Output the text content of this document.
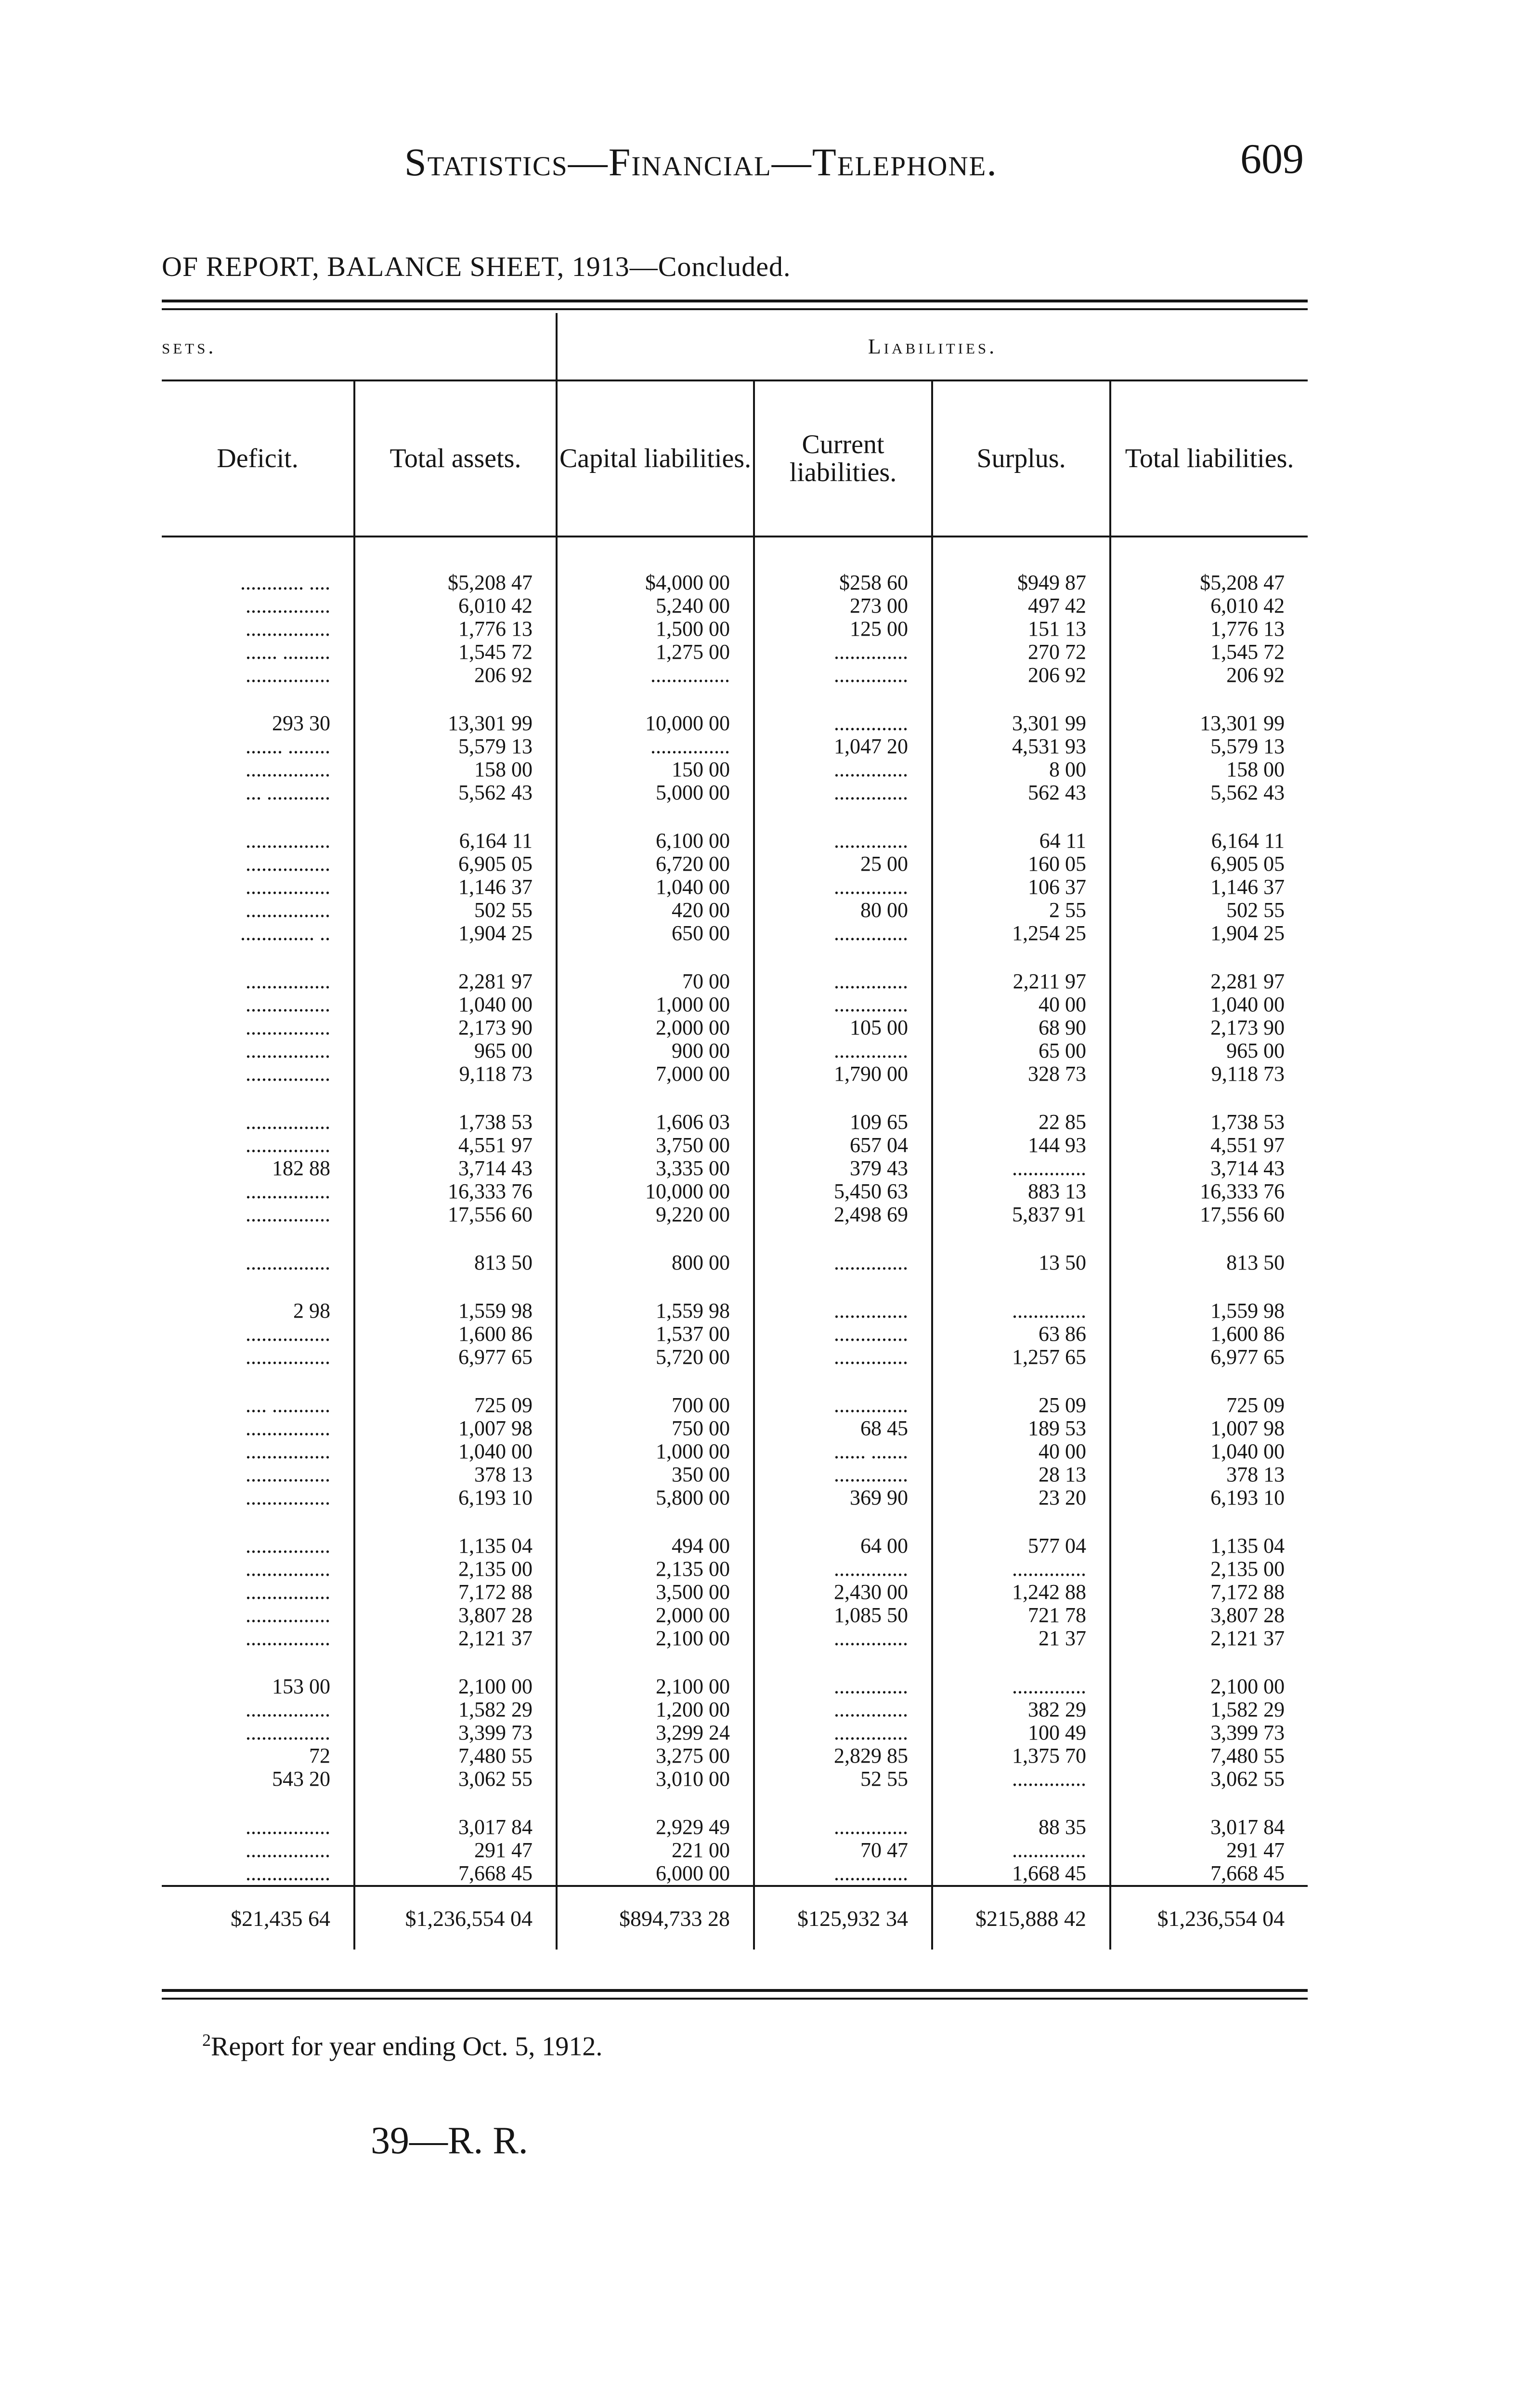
Statistics—Financial—Telephone.	609
OF REPORT, BALANCE SHEET, 1913—Concluded.
sets.		Liabilities.			
Deficit.	Total assets.	Capital liabilities.	Current liabilities.	Surplus.	Total liabilities.

............ ....	$5,208 47	$4,000 00	$258 60	$949 87	$5,208 47
................	6,010 42	5,240 00	273 00	497 42	6,010 42
................	1,776 13	1,500 00	125 00	151 13	1,776 13
...... .........	1,545 72	1,275 00	..............	270 72	1,545 72
................	206 92	...............	..............	206 92	206 92

293 30	13,301 99	10,000 00	..............	3,301 99	13,301 99
....... ........	5,579 13	...............	1,047 20	4,531 93	5,579 13
................	158 00	150 00	..............	8 00	158 00
... ............	5,562 43	5,000 00	..............	562 43	5,562 43

................	6,164 11	6,100 00	..............	64 11	6,164 11
................	6,905 05	6,720 00	25 00	160 05	6,905 05
................	1,146 37	1,040 00	..............	106 37	1,146 37
................	502 55	420 00	80 00	2 55	502 55
.............. ..	1,904 25	650 00	..............	1,254 25	1,904 25

................	2,281 97	70 00	..............	2,211 97	2,281 97
................	1,040 00	1,000 00	..............	40 00	1,040 00
................	2,173 90	2,000 00	105 00	68 90	2,173 90
................	965 00	900 00	..............	65 00	965 00
................	9,118 73	7,000 00	1,790 00	328 73	9,118 73

................	1,738 53	1,606 03	109 65	22 85	1,738 53
................	4,551 97	3,750 00	657 04	144 93	4,551 97
182 88	3,714 43	3,335 00	379 43	..............	3,714 43
................	16,333 76	10,000 00	5,450 63	883 13	16,333 76
................	17,556 60	9,220 00	2,498 69	5,837 91	17,556 60

................	813 50	800 00	..............	13 50	813 50

2 98	1,559 98	1,559 98	..............	..............	1,559 98
................	1,600 86	1,537 00	..............	63 86	1,600 86
................	6,977 65	5,720 00	..............	1,257 65	6,977 65

.... ...........	725 09	700 00	..............	25 09	725 09
................	1,007 98	750 00	68 45	189 53	1,007 98
................	1,040 00	1,000 00	...... .......	40 00	1,040 00
................	378 13	350 00	..............	28 13	378 13
................	6,193 10	5,800 00	369 90	23 20	6,193 10

................	1,135 04	494 00	64 00	577 04	1,135 04
................	2,135 00	2,135 00	..............	..............	2,135 00
................	7,172 88	3,500 00	2,430 00	1,242 88	7,172 88
................	3,807 28	2,000 00	1,085 50	721 78	3,807 28
................	2,121 37	2,100 00	..............	21 37	2,121 37

153 00	2,100 00	2,100 00	..............	..............	2,100 00
................	1,582 29	1,200 00	..............	382 29	1,582 29
................	3,399 73	3,299 24	..............	100 49	3,399 73
72	7,480 55	3,275 00	2,829 85	1,375 70	7,480 55
543 20	3,062 55	3,010 00	52 55	..............	3,062 55

................	3,017 84	2,929 49	..............	88 35	3,017 84
................	291 47	221 00	70 47	..............	291 47
................	7,668 45	6,000 00	..............	1,668 45	7,668 45
$21,435 64	$1,236,554 04	$894,733 28	$125,932 34	$215,888 42	$1,236,554 04
$^2$Report for year ending Oct. 5, 1912.
39—R. R.
